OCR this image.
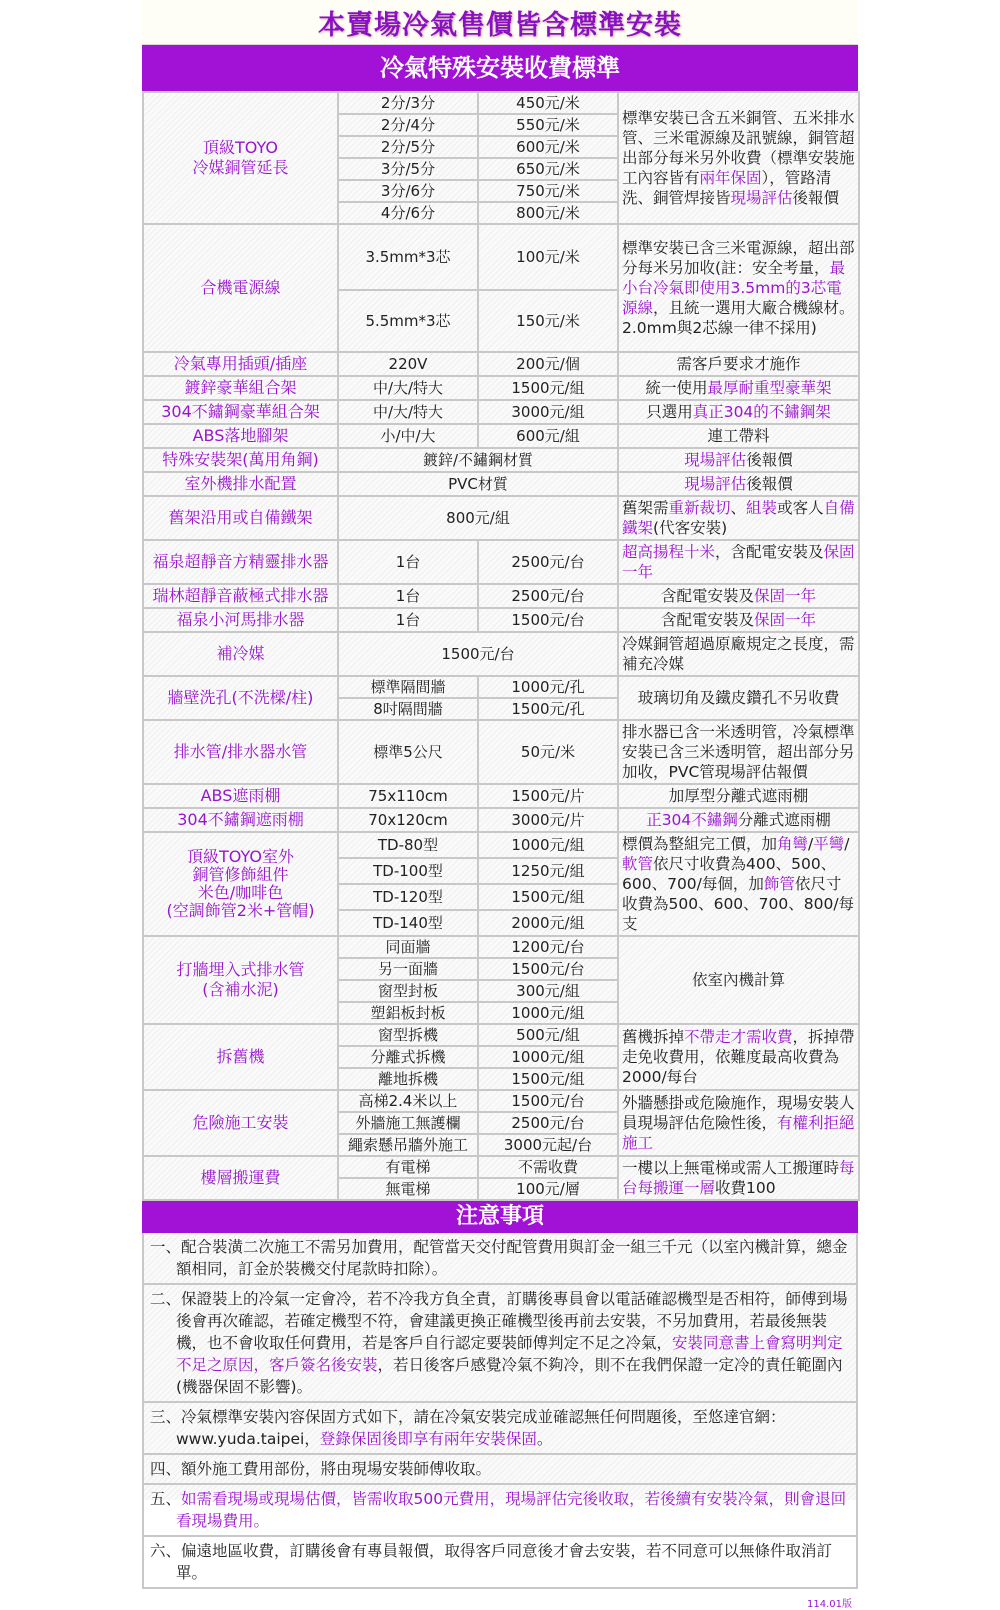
本賣場冷氣售價皆含標準安裝
冷氣特殊安裝收費標準
頂級TOYO
冷媒銅管延長	2分/3分	450元/米	標準安裝已含五米銅管、五米排水管、三米電源線及訊號線，銅管超出部分每米另外收費（標準安裝施工內容皆有兩年保固），管路清洗、銅管焊接皆現場評估後報價
	2分/4分	550元/米	
	2分/5分	600元/米	
	3分/5分	650元/米	
	3分/6分	750元/米	
	4分/6分	800元/米	
合機電源線	3.5mm*3芯	100元/米	標準安裝已含三米電源線，超出部分每米另加收(註：安全考量，最小台冷氣即使用3.5mm的3芯電源線，且統一選用大廠合機線材。2.0mm與2芯線一律不採用)
	5.5mm*3芯	150元/米	
冷氣專用插頭/插座	220V	200元/個	需客戶要求才施作
鍍鋅豪華組合架	中/大/特大	1500元/組	統一使用最厚耐重型豪華架
304不鏽鋼豪華組合架	中/大/特大	3000元/組	只選用真正304的不鏽鋼架
ABS落地腳架	小/中/大	600元/組	連工帶料
特殊安裝架(萬用角鋼)	鍍鋅/不鏽鋼材質		現場評估後報價
室外機排水配置	PVC材質		現場評估後報價
舊架沿用或自備鐵架	800元/組		舊架需重新裁切、組裝或客人自備鐵架(代客安裝)
福泉超靜音方精靈排水器	1台	2500元/台	超高揚程十米，含配電安裝及保固一年
瑞林超靜音蔽極式排水器	1台	2500元/台	含配電安裝及保固一年
福泉小河馬排水器	1台	1500元/台	含配電安裝及保固一年
補冷媒	1500元/台		冷媒銅管超過原廠規定之長度，需補充冷媒
牆壁洗孔(不洗樑/柱)	標準隔間牆	1000元/孔	玻璃切角及鐵皮鑽孔不另收費
	8吋隔間牆	1500元/孔	
排水管/排水器水管	標準5公尺	50元/米	排水器已含一米透明管，冷氣標準安裝已含三米透明管，超出部分另加收，PVC管現場評估報價
ABS遮雨棚	75x110cm	1500元/片	加厚型分離式遮雨棚
304不鏽鋼遮雨棚	70x120cm	3000元/片	正304不鏽鋼分離式遮雨棚
頂級TOYO室外
銅管修飾組件
米色/咖啡色
(空調飾管2米+管帽)	TD-80型	1000元/組	標價為整組完工價，加角彎/平彎/軟管依尺寸收費為400、500、600、700/每個，加飾管依尺寸收費為500、600、700、800/每支
	TD-100型	1250元/組	
	TD-120型	1500元/組	
	TD-140型	2000元/組	
打牆埋入式排水管
(含補水泥)	同面牆	1200元/台	依室內機計算
	另一面牆	1500元/台	
	窗型封板	300元/組	
	塑鋁板封板	1000元/組	
拆舊機	窗型拆機	500元/組	舊機拆掉不帶走才需收費，拆掉帶走免收費用，依難度最高收費為2000/每台
	分離式拆機	1000元/組	
	離地拆機	1500元/組	
危險施工安裝	高梯2.4米以上	1500元/台	外牆懸掛或危險施作，現場安裝人員現場評估危險性後，有權利拒絕施工
	外牆施工無護欄	2500元/台	
	繩索懸吊牆外施工	3000元起/台	
樓層搬運費	有電梯	不需收費	一樓以上無電梯或需人工搬運時每台每搬運一層收費100
	無電梯	100元/層	
注意事項
一、配合裝潢二次施工不需另加費用，配管當天交付配管費用與訂金一組三千元（以室內機計算，總金額相同，訂金於裝機交付尾款時扣除）。
二、保證裝上的冷氣一定會冷，若不冷我方負全責，訂購後專員會以電話確認機型是否相符，師傅到場後會再次確認，若確定機型不符，會建議更換正確機型後再前去安裝，不另加費用，若最後無裝機，也不會收取任何費用，若是客戶自行認定要裝師傅判定不足之冷氣，安裝同意書上會寫明判定不足之原因，客戶簽名後安裝，若日後客戶感覺冷氣不夠冷，則不在我們保證一定冷的責任範圍內(機器保固不影響)。
三、冷氣標準安裝內容保固方式如下，請在冷氣安裝完成並確認無任何問題後，至悠達官網：www.yuda.taipei，登錄保固後即享有兩年安裝保固。
四、額外施工費用部份，將由現場安裝師傅收取。
五、如需看現場或現場估價，皆需收取500元費用，現場評估完後收取，若後續有安裝冷氣，則會退回看現場費用。
六、偏遠地區收費，訂購後會有專員報價，取得客戶同意後才會去安裝，若不同意可以無條件取消訂單。
114.01版
